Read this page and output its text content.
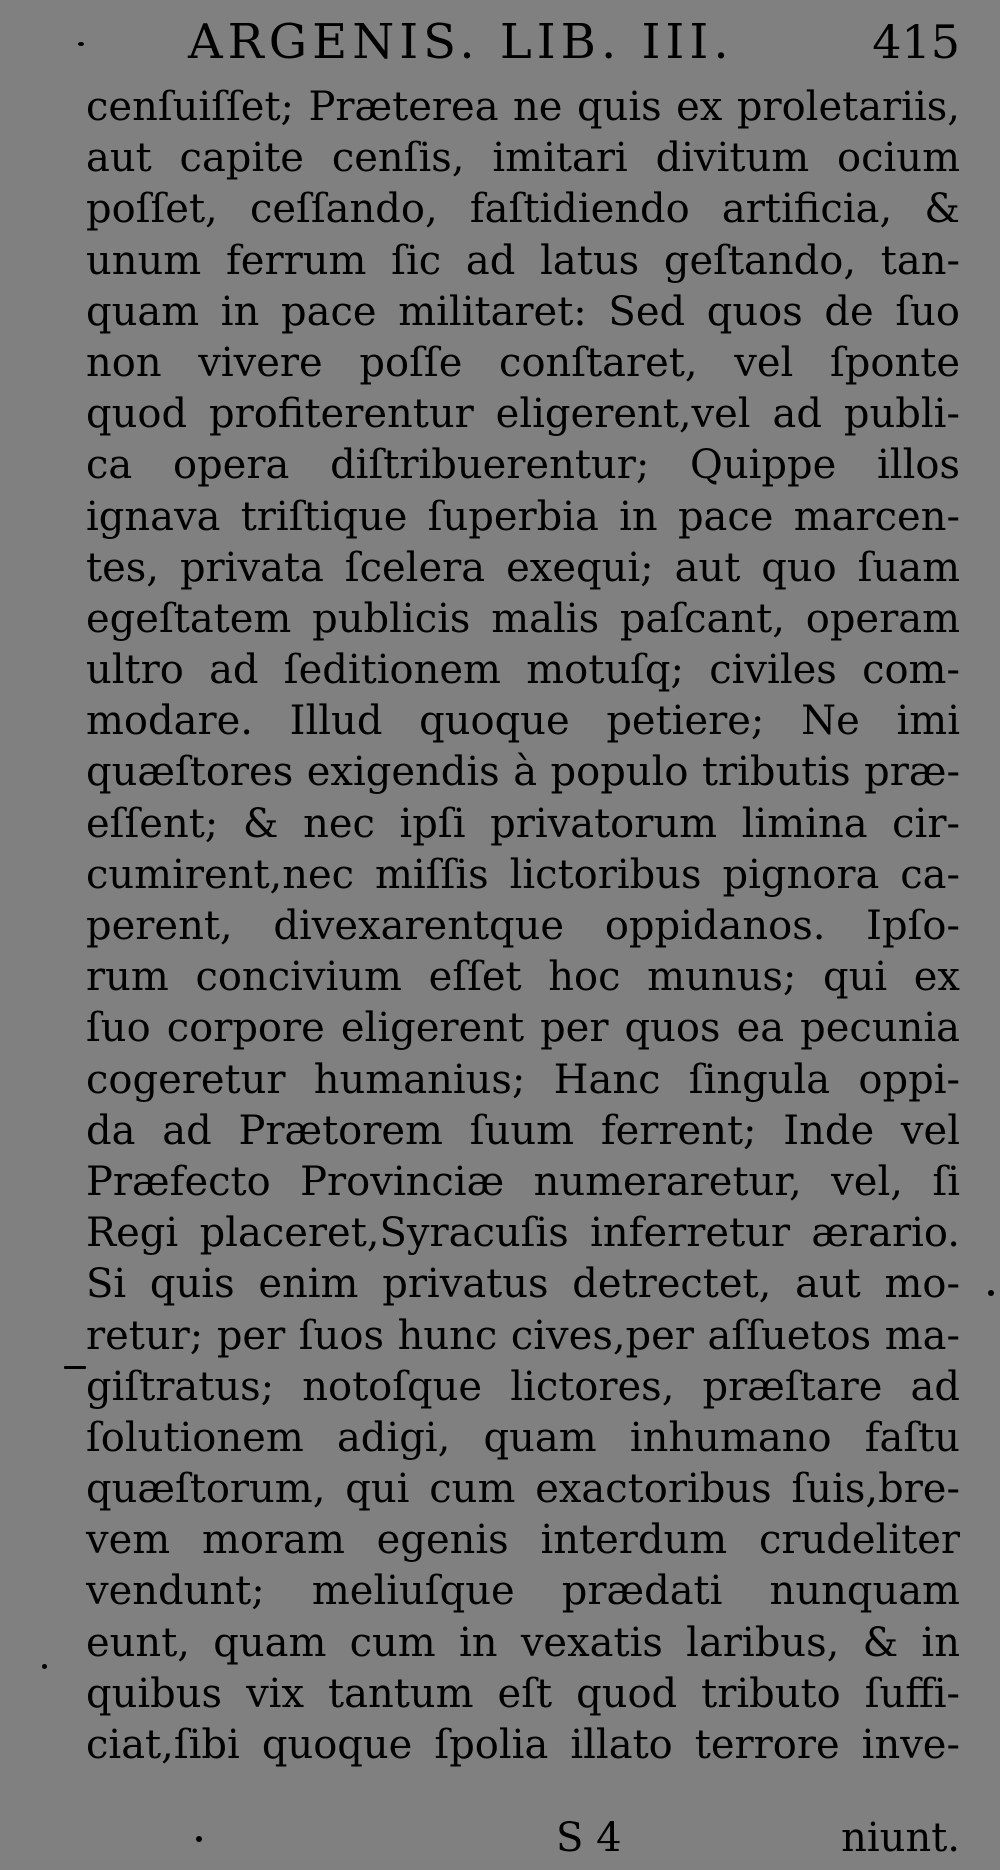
ARGENIS. LIB. III.	415
cenſuiſſet; Præterea ne quis ex proletariis,
aut capite cenſis, imitari divitum ocium
poſſet, ceſſando, faſtidiendo artificia, &
unum ferrum ſic ad latus geſtando, tan-
quam in pace militaret: Sed quos de ſuo
non vivere poſſe conſtaret, vel ſponte
quod profiterentur eligerent,vel ad publi-
ca opera diſtribuerentur; Quippe illos
ignava triſtique ſuperbia in pace marcen-
tes, privata ſcelera exequi; aut quo ſuam
egeſtatem publicis malis paſcant, operam
ultro ad ſeditionem motuſq; civiles com-
modare. Illud quoque petiere; Ne imi
quæſtores exigendis à populo tributis præ-
eſſent; & nec ipſi privatorum limina cir-
cumirent,nec miſſis lictoribus pignora ca-
perent, divexarentque oppidanos. Ipſo-
rum concivium eſſet hoc munus; qui ex
ſuo corpore eligerent per quos ea pecunia
cogeretur humanius; Hanc ſingula oppi-
da ad Prætorem ſuum ferrent; Inde vel
Præfecto Provinciæ numeraretur, vel, ſi
Regi placeret,Syracuſis inferretur ærario.
Si quis enim privatus detrectet, aut mo-
retur; per ſuos hunc cives,per aſſuetos ma-
giſtratus; notoſque lictores, præſtare ad
ſolutionem adigi, quam inhumano faſtu
quæſtorum, qui cum exactoribus ſuis,bre-
vem moram egenis interdum crudeliter
vendunt; meliuſque prædati nunquam
eunt, quam cum in vexatis laribus, & in
quibus vix tantum eſt quod tributo ſuffi-
ciat,ſibi quoque ſpolia illato terrore inve-
S 4	niunt.
